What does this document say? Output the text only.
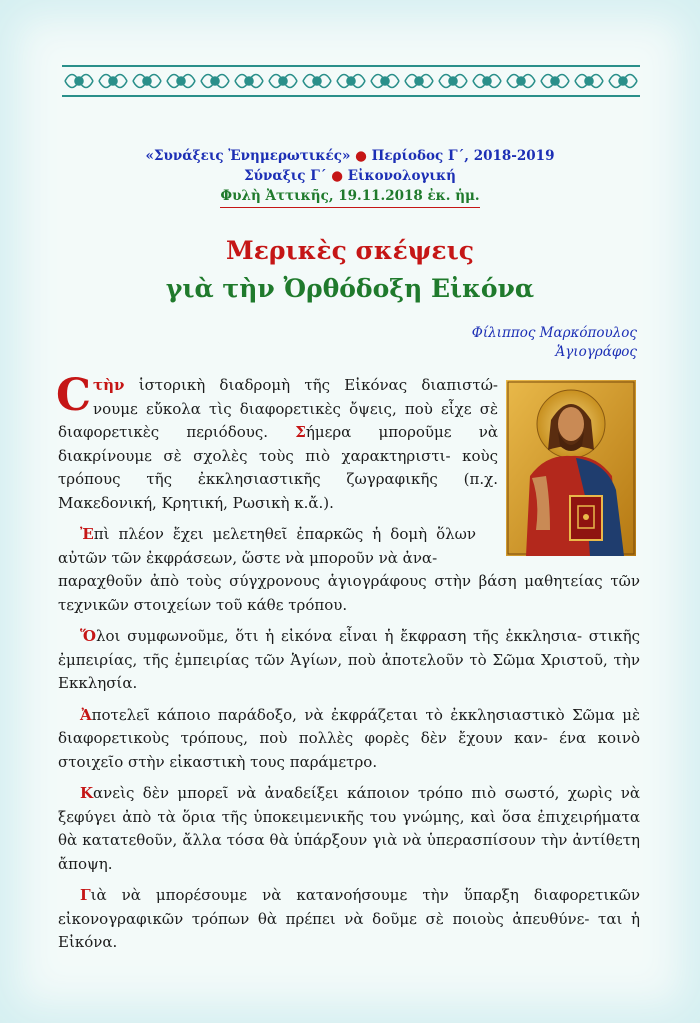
«Συνάξεις Ἐνημερωτικές» ● Περίοδος Γ΄, 2018-2019
Σύναξις Γ΄ ● Εἰκονολογική
Φυλὴ Ἀττικῆς, 19.11.2018 ἐκ. ἡμ.
Μερικὲς σκέψεις
γιὰ τὴν Ὀρθόδοξη Εἰκόνα
Φίλιππος Μαρκόπουλος
Ἁγιογράφος
C τὴν ἱστορικὴ διαδρομὴ τῆς Εἰκόνας διαπιστώ- νουμε εὔκολα τὶς διαφορετικὲς ὄψεις, ποὺ εἶχε σὲ διαφορετικὲς περιόδους. Σήμερα μποροῦμε νὰ διακρίνουμε σὲ σχολὲς τοὺς πιὸ χαρακτηριστι- κοὺς τρόπους τῆς ἐκκλησιαστικῆς ζωγραφικῆς (π.χ. Μακεδονική, Κρητική, Ρωσικὴ κ.ἄ.).
Ἐπὶ πλέον ἔχει μελετηθεῖ ἐπαρκῶς ἡ δομὴ ὅλων αὐτῶν τῶν ἐκφράσεων, ὥστε νὰ μποροῦν νὰ ἀνα-
παραχθοῦν ἀπὸ τοὺς σύγχρονους ἁγιογράφους στὴν βάση μαθητείας τῶν τεχνικῶν στοιχείων τοῦ κάθε τρόπου.
Ὅλοι συμφωνοῦμε, ὅτι ἡ εἰκόνα εἶναι ἡ ἔκφραση τῆς ἐκκλησια- στικῆς ἐμπειρίας, τῆς ἐμπειρίας τῶν Ἁγίων, ποὺ ἀποτελοῦν τὸ Σῶμα Χριστοῦ, τὴν Εκκλησία.
Ἀποτελεῖ κάποιο παράδοξο, νὰ ἐκφράζεται τὸ ἐκκλησιαστικὸ Σῶμα μὲ διαφορετικοὺς τρόπους, ποὺ πολλὲς φορὲς δὲν ἔχουν καν- ένα κοινὸ στοιχεῖο στὴν εἰκαστικὴ τους παράμετρο.
Κανεὶς δὲν μπορεῖ νὰ ἀναδείξει κάποιον τρόπο πιὸ σωστό, χωρὶς νὰ ξεφύγει ἀπὸ τὰ ὅρια τῆς ὑποκειμενικῆς του γνώμης, καὶ ὅσα ἐπιχειρήματα θὰ κατατεθοῦν, ἄλλα τόσα θὰ ὑπάρξουν γιὰ νὰ ὑπερασπίσουν τὴν ἀντίθετη ἄποψη.
Γιὰ νὰ μπορέσουμε νὰ κατανοήσουμε τὴν ὕπαρξη διαφορετικῶν εἰκονογραφικῶν τρόπων θὰ πρέπει νὰ δοῦμε σὲ ποιοὺς ἀπευθύνε- ται ἡ Εἰκόνα.
